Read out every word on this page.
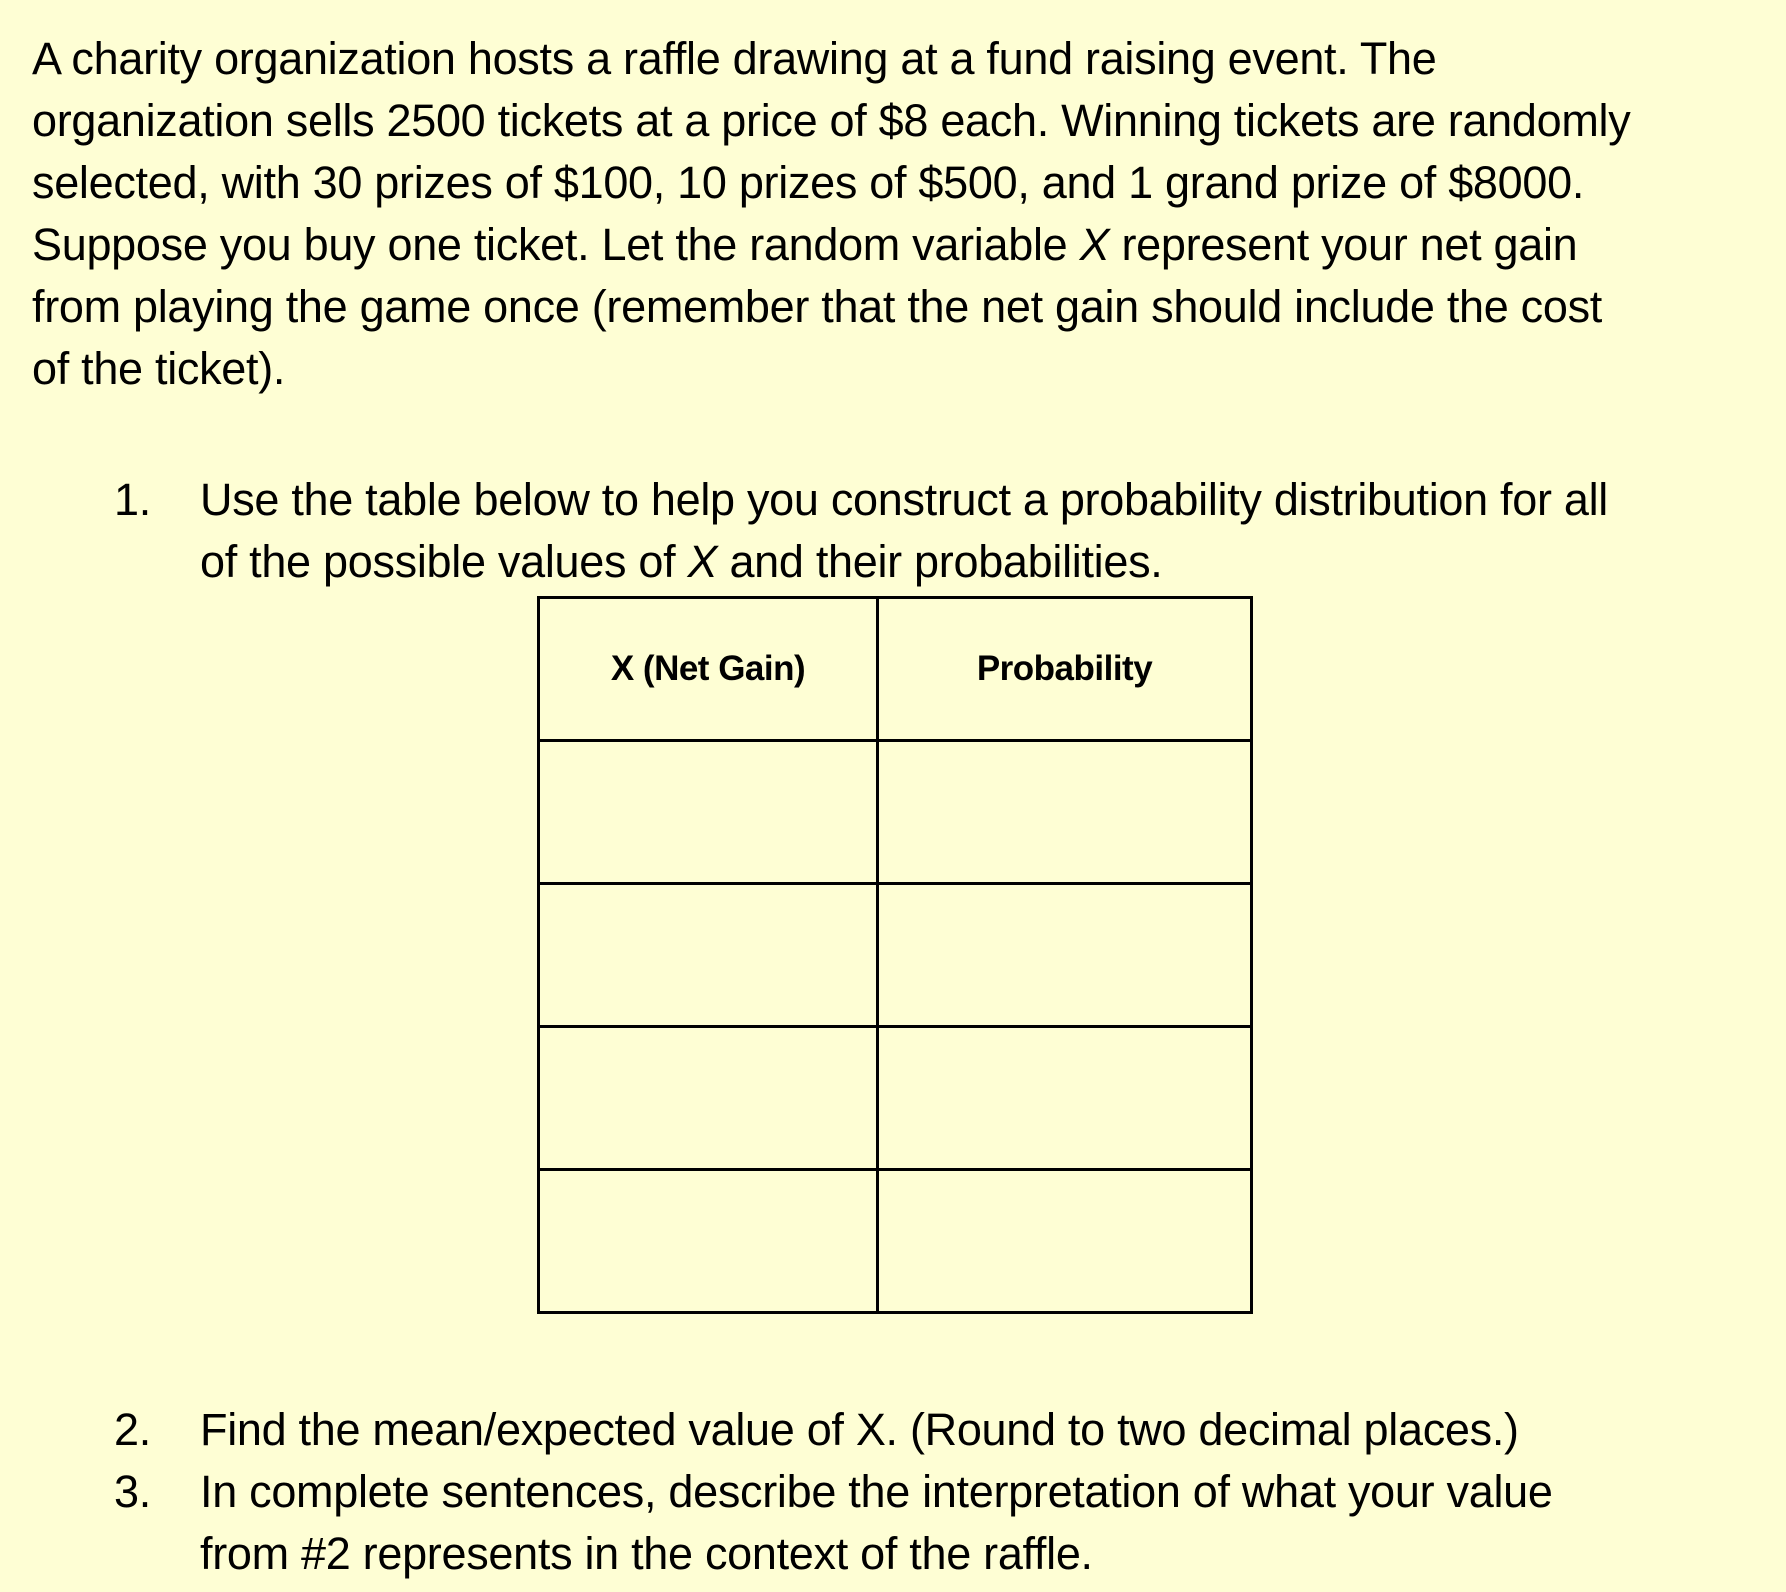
A charity organization hosts a raffle drawing at a fund raising event. The
organization sells 2500 tickets at a price of $8 each. Winning tickets are randomly
selected, with 30 prizes of $100, 10 prizes of $500, and 1 grand prize of $8000.
Suppose you buy one ticket. Let the random variable X represent your net gain
from playing the game once (remember that the net gain should include the cost
of the ticket).
1.	Use the table below to help you construct a probability distribution for all
of the possible values of X and their probabilities.
X (Net Gain)	Probability

2.	Find the mean/expected value of X. (Round to two decimal places.)
3.	In complete sentences, describe the interpretation of what your value
from #2 represents in the context of the raffle.
